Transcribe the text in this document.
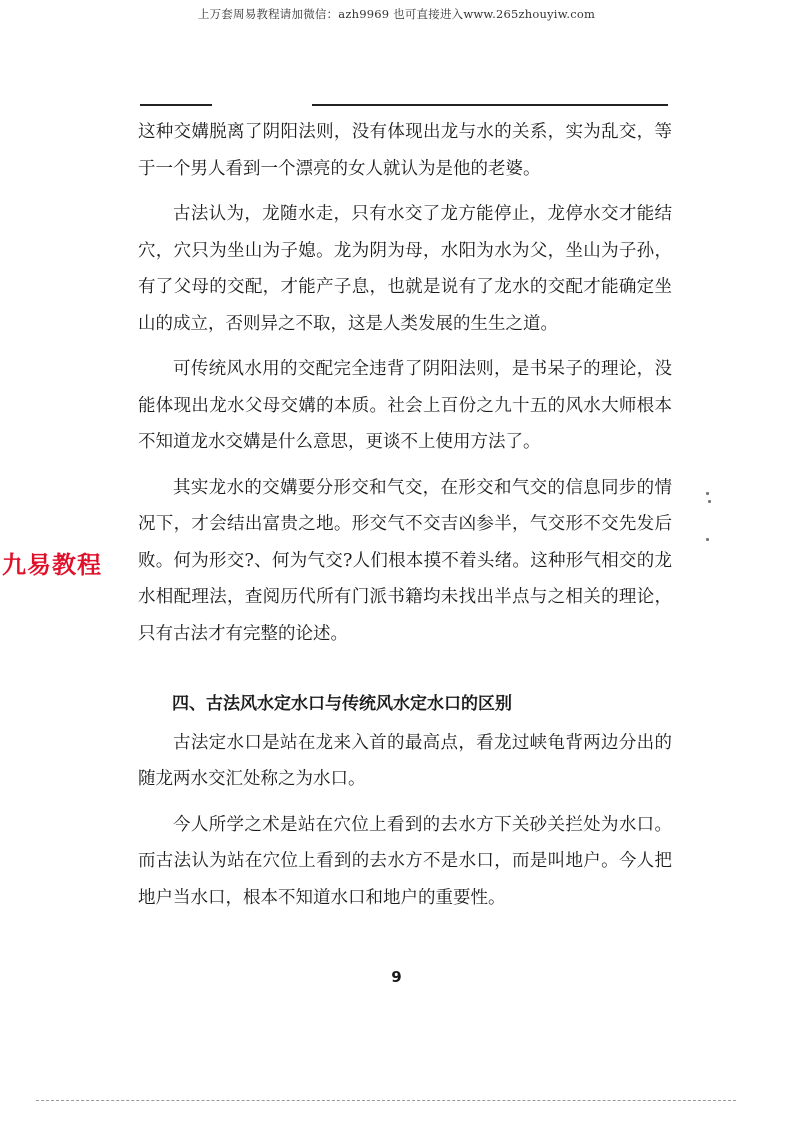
上万套周易教程请加微信：azh9969 也可直接进入www.265zhouyiw.com

这种交媾脱离了阴阳法则，没有体现出龙与水的关系，实为乱交，等于一个男人看到一个漂亮的女人就认为是他的老婆。

古法认为，龙随水走，只有水交了龙方能停止，龙停水交才能结穴，穴只为坐山为子媳。龙为阴为母，水阳为水为父，坐山为子孙，有了父母的交配，才能产子息，也就是说有了龙水的交配才能确定坐山的成立，否则异之不取，这是人类发展的生生之道。

可传统风水用的交配完全违背了阴阳法则，是书呆子的理论，没能体现出龙水父母交媾的本质。社会上百份之九十五的风水大师根本不知道龙水交媾是什么意思，更谈不上使用方法了。

其实龙水的交媾要分形交和气交，在形交和气交的信息同步的情况下，才会结出富贵之地。形交气不交吉凶参半，气交形不交先发后败。何为形交?、何为气交?人们根本摸不着头绪。这种形气相交的龙水相配理法，查阅历代所有门派书籍均未找出半点与之相关的理论，只有古法才有完整的论述。

四、古法风水定水口与传统风水定水口的区别

古法定水口是站在龙来入首的最高点，看龙过峡龟背两边分出的随龙两水交汇处称之为水口。

今人所学之术是站在穴位上看到的去水方下关砂关拦处为水口。而古法认为站在穴位上看到的去水方不是水口，而是叫地户。今人把地户当水口，根本不知道水口和地户的重要性。

九易教程
9
